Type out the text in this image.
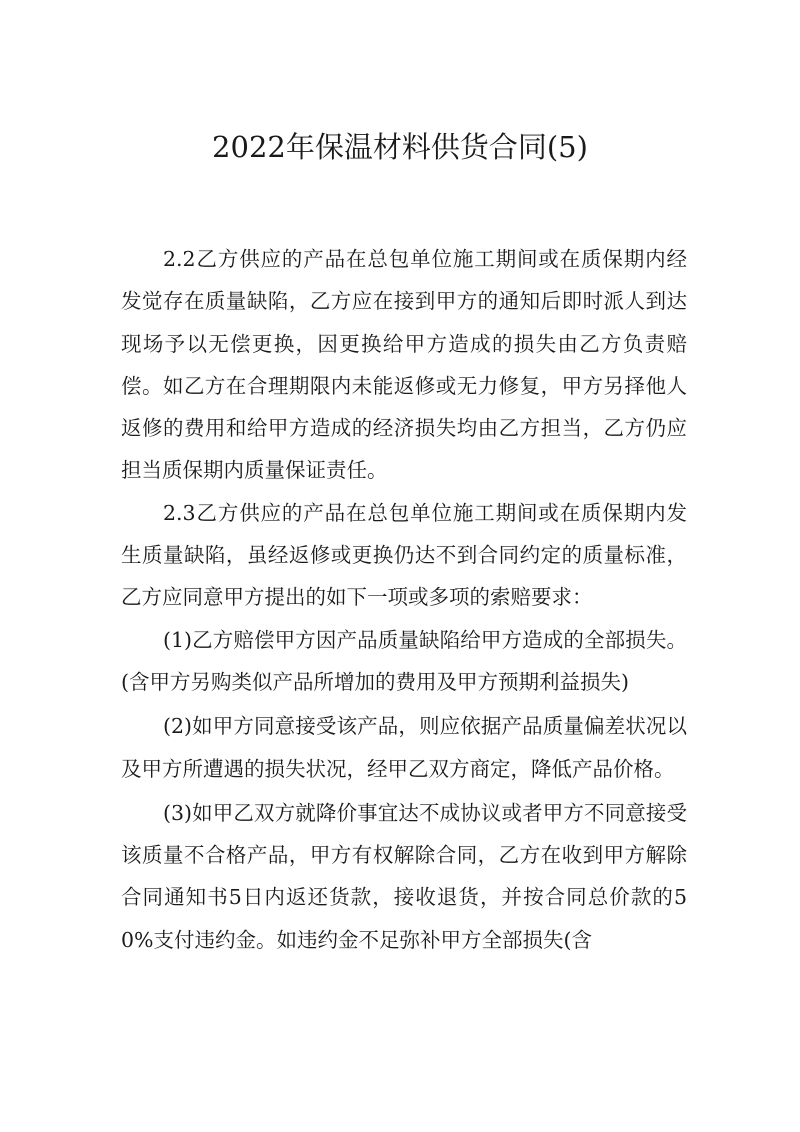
2022年保温材料供货合同(5)

2.2乙方供应的产品在总包单位施工期间或在质保期内经发觉存在质量缺陷，乙方应在接到甲方的通知后即时派人到达现场予以无偿更换，因更换给甲方造成的损失由乙方负责赔偿。如乙方在合理期限内未能返修或无力修复，甲方另择他人返修的费用和给甲方造成的经济损失均由乙方担当，乙方仍应担当质保期内质量保证责任。

2.3乙方供应的产品在总包单位施工期间或在质保期内发生质量缺陷，虽经返修或更换仍达不到合同约定的质量标准，乙方应同意甲方提出的如下一项或多项的索赔要求：

(1)乙方赔偿甲方因产品质量缺陷给甲方造成的全部损失。(含甲方另购类似产品所增加的费用及甲方预期利益损失)

(2)如甲方同意接受该产品，则应依据产品质量偏差状况以及甲方所遭遇的损失状况，经甲乙双方商定，降低产品价格。

(3)如甲乙双方就降价事宜达不成协议或者甲方不同意接受该质量不合格产品，甲方有权解除合同，乙方在收到甲方解除合同通知书5日内返还货款，接收退货，并按合同总价款的50%支付违约金。如违约金不足弥补甲方全部损失(含
